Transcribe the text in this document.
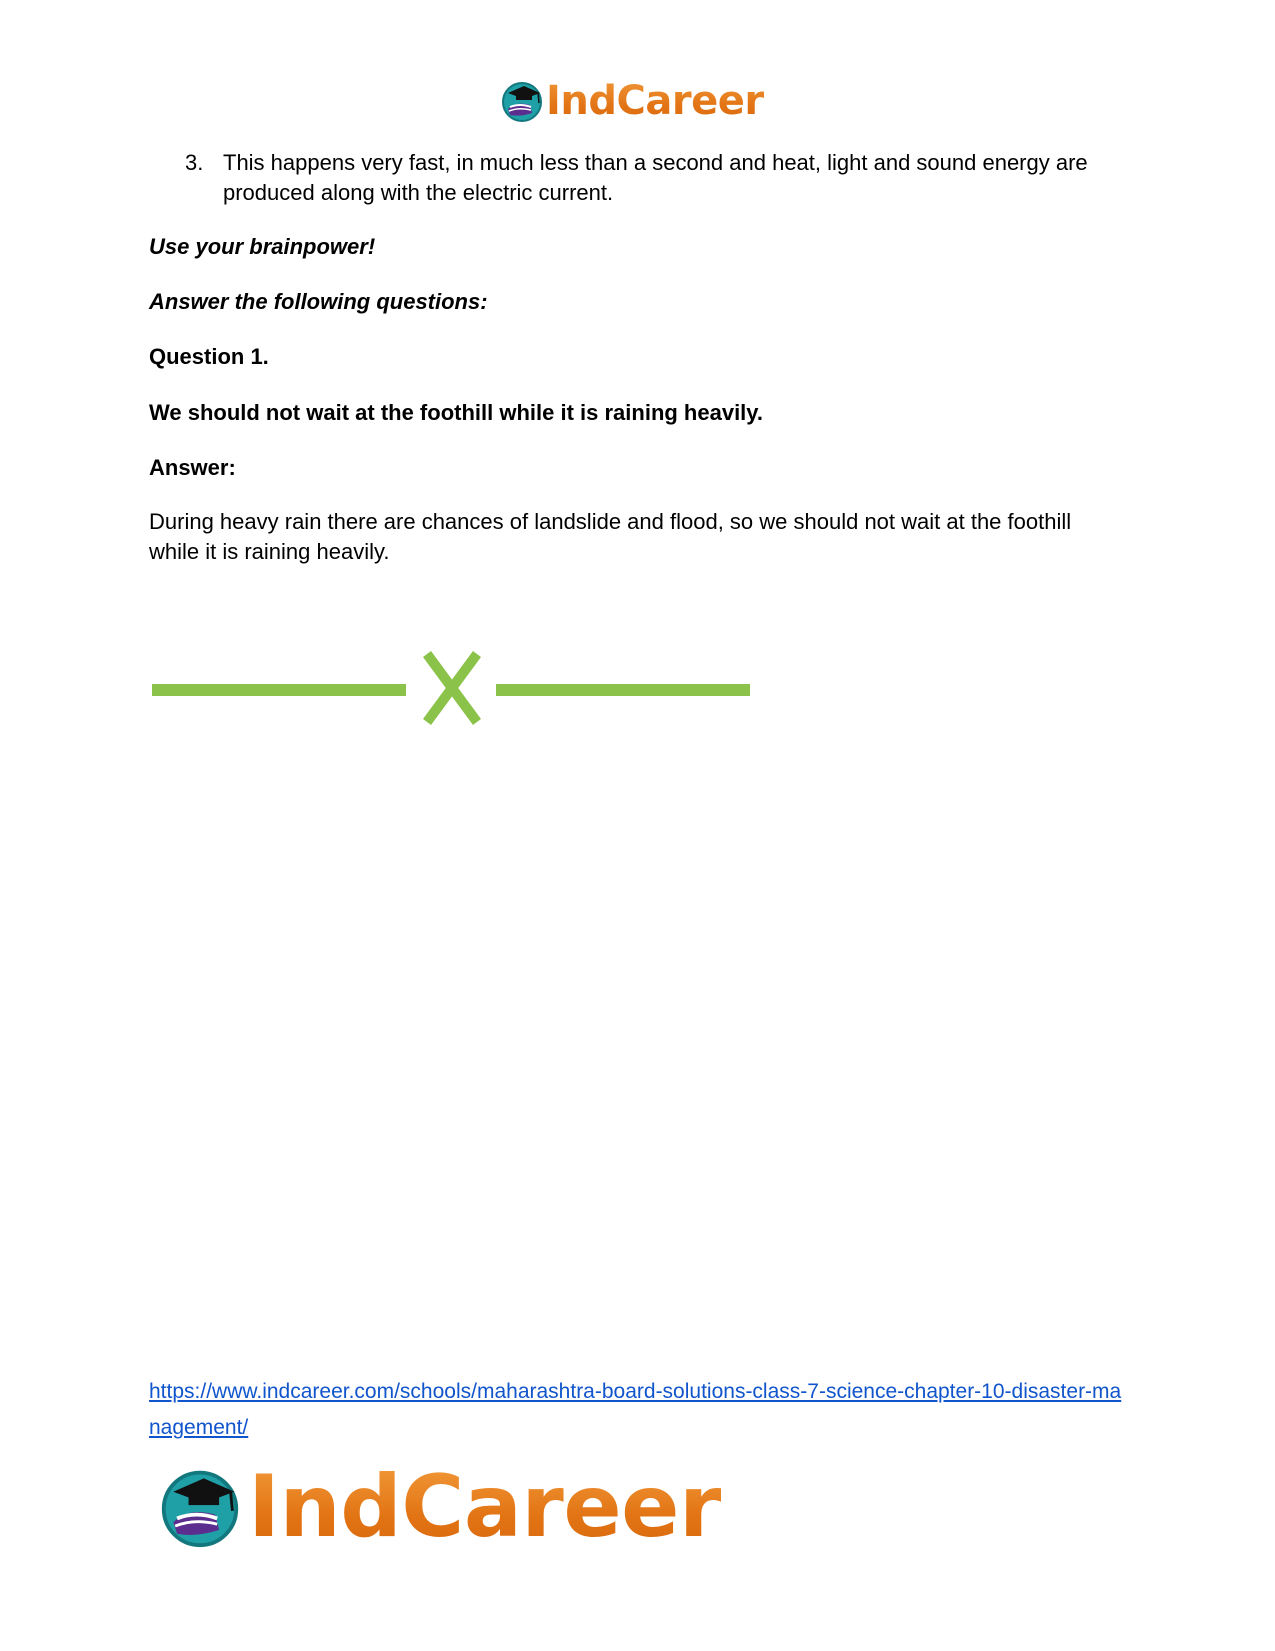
IndCareer
3. This happens very fast, in much less than a second and heat, light and sound energy are produced along with the electric current.

Use your brainpower!

Answer the following questions:

Question 1.

We should not wait at the foothill while it is raining heavily.

Answer:

During heavy rain there are chances of landslide and flood, so we should not wait at the foothill while it is raining heavily.

https://www.indcareer.com/schools/maharashtra-board-solutions-class-7-science-chapter-10-disaster-management/
IndCareer
